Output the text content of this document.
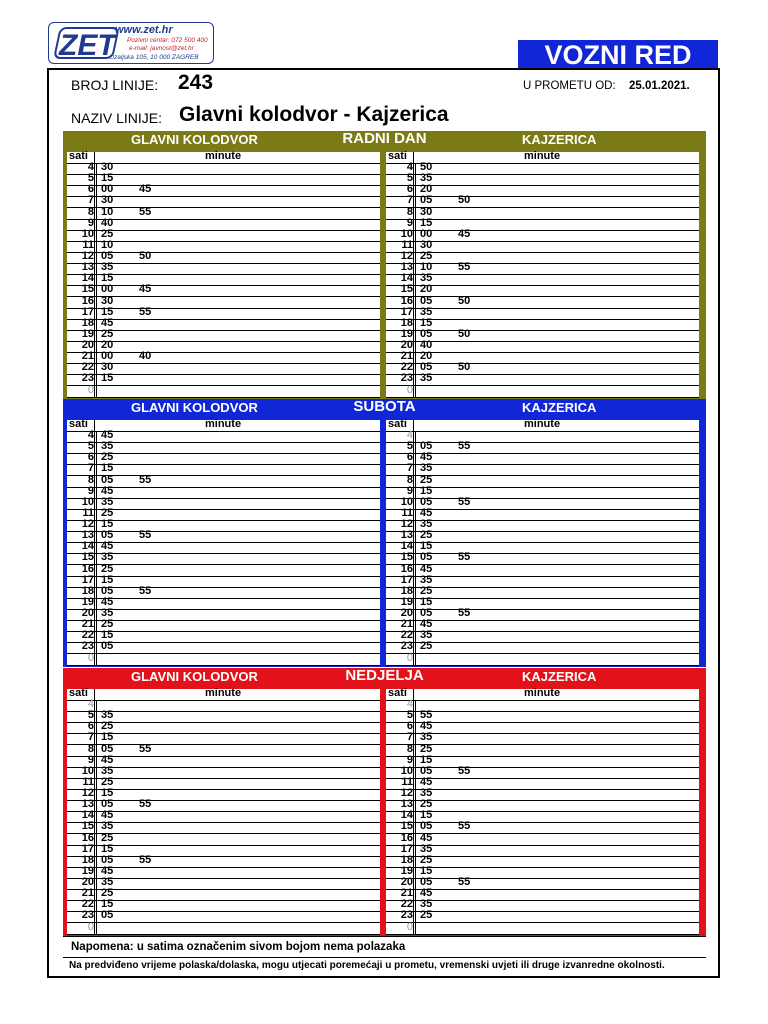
ZET www.zet.hr
Pozivni centar: 072 500 400
e-mail: javnost@zet.hr
Ozaljska 105, 10 000 ZAGREB	VOZNI RED
BROJ LINIJE: 243	U PROMETU OD: 25.01.2021.
NAZIV LINIJE: Glavni kolodvor - Kajzerica
GLAVNI KOLODVOR	RADNI DAN	KAJZERICA
sati	minute
4 30
5 15
6 00 45
7 30
8 10 55
9 40
10 25
11 10
12 05 50
13 35
14 15
15 00 45
16 30
17 15 55
18 45
19 25
20 20
21 00 40
22 30
23 15
0
sati	minute
4 50
5 35
6 20
7 05 50
8 30
9 15
10 00 45
11 30
12 25
13 10 55
14 35
15 20
16 05 50
17 35
18 15
19 05 50
20 40
21 20
22 05 50
23 35
0
GLAVNI KOLODVOR	SUBOTA	KAJZERICA
sati	minute
4 45
5 35
6 25
7 15
8 05 55
9 45
10 35
11 25
12 15
13 05 55
14 45
15 35
16 25
17 15
18 05 55
19 45
20 35
21 25
22 15
23 05
0
sati	minute
4
5 05 55
6 45
7 35
8 25
9 15
10 05 55
11 45
12 35
13 25
14 15
15 05 55
16 45
17 35
18 25
19 15
20 05 55
21 45
22 35
23 25
0
GLAVNI KOLODVOR	NEDJELJA	KAJZERICA
sati	minute
4
5 35
6 25
7 15
8 05 55
9 45
10 35
11 25
12 15
13 05 55
14 45
15 35
16 25
17 15
18 05 55
19 45
20 35
21 25
22 15
23 05
0
sati	minute
4
5 55
6 45
7 35
8 25
9 15
10 05 55
11 45
12 35
13 25
14 15
15 05 55
16 45
17 35
18 25
19 15
20 05 55
21 45
22 35
23 25
0
Napomena: u satima označenim sivom bojom nema polazaka
Na predviđeno vrijeme polaska/dolaska, mogu utjecati poremećaji u prometu, vremenski uvjeti ili druge izvanredne okolnosti.
